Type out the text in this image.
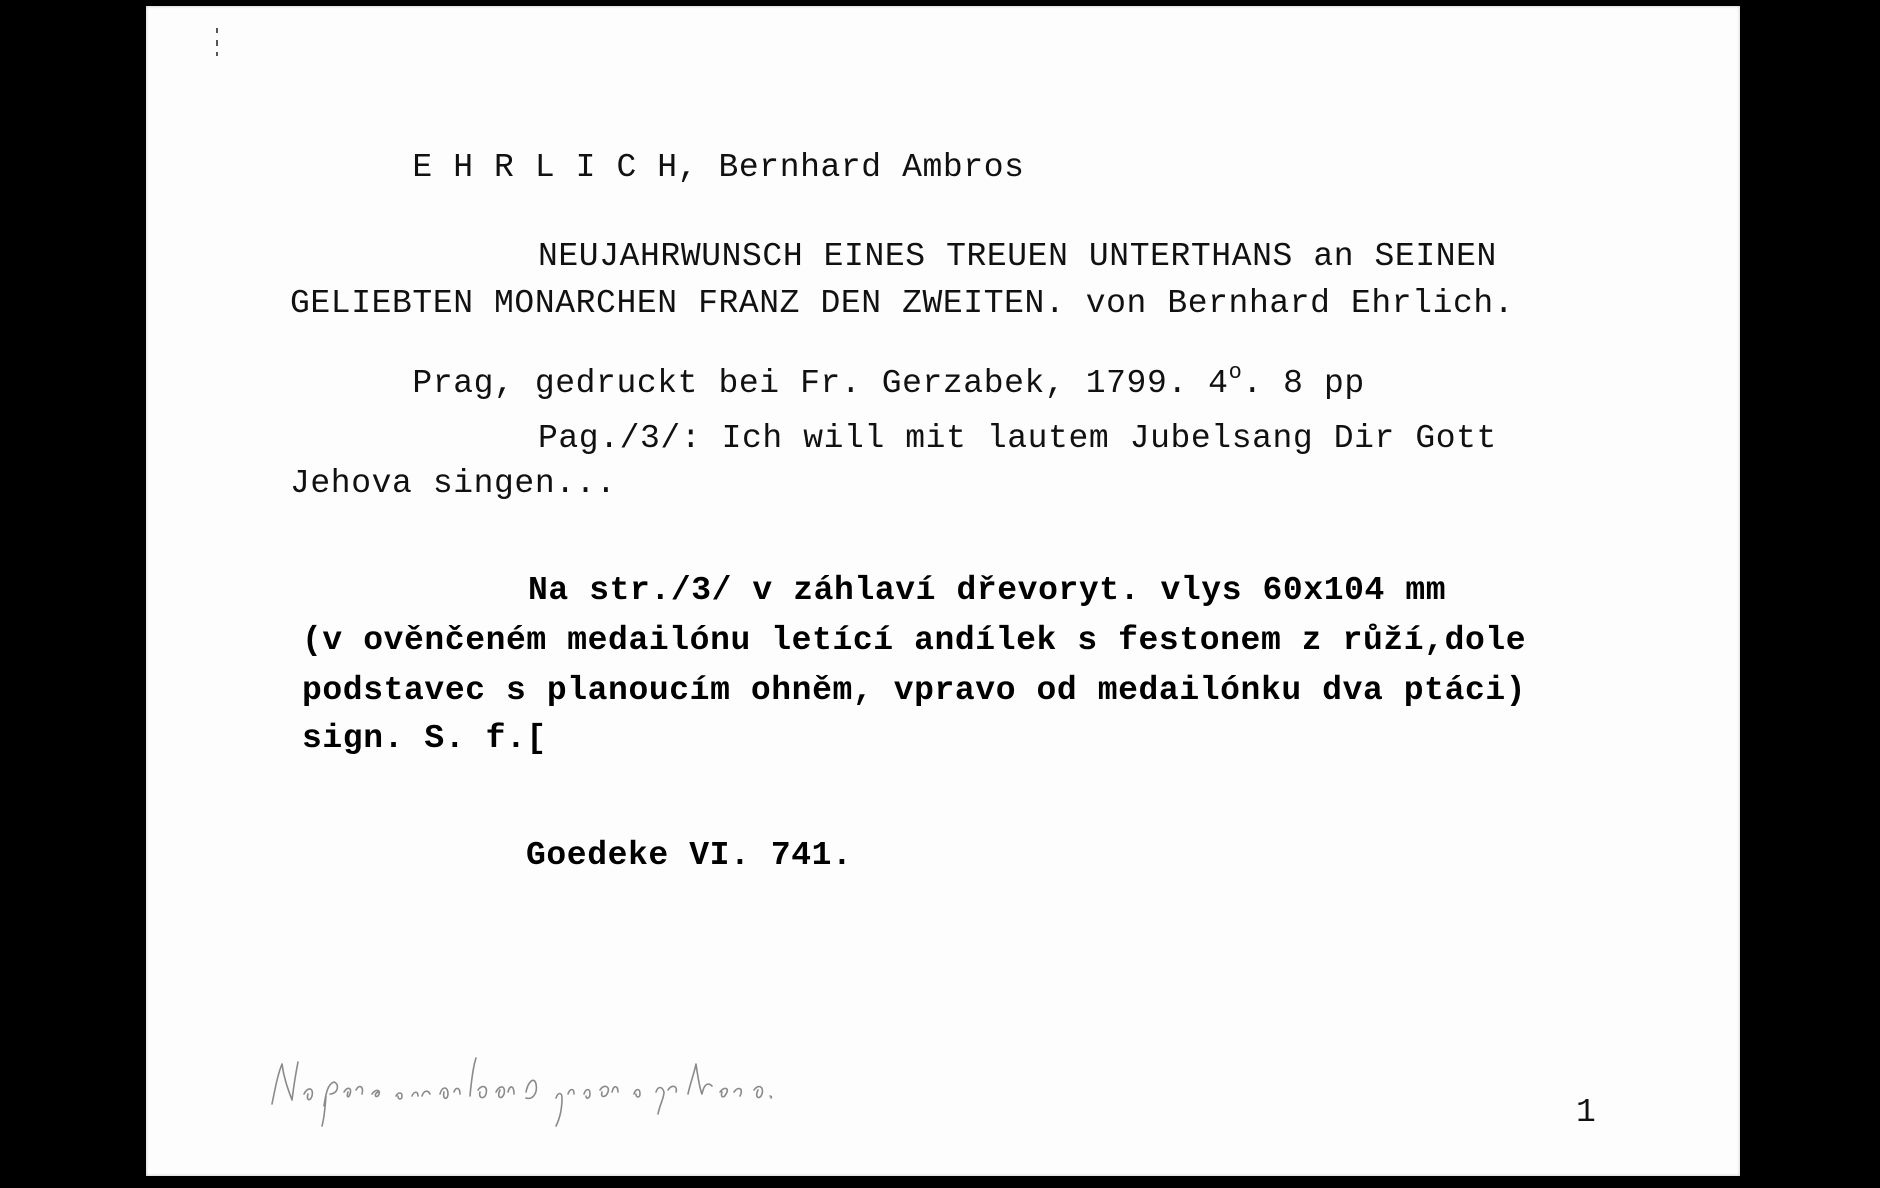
E H R L I C H, Bernhard Ambros

NEUJAHRWUNSCH EINES TREUEN UNTERTHANS an SEINEN
GELIEBTEN MONARCHEN FRANZ DEN ZWEITEN. von Bernhard Ehrlich.

Prag, gedruckt bei Fr. Gerzabek, 1799. 4$^o$. 8 pp

Pag./3/: Ich will mit lautem Jubelsang Dir Gott
Jehova singen...
Na str./3/ v záhlaví dřevoryt. vlys 60x104 mm
(v ověnčeném medailónu letící andílek s festonem z růží,dole
podstavec s planoucím ohněm, vpravo od medailónku dva ptáci)
sign. S. f.[
Goedeke VI. 741.
1
